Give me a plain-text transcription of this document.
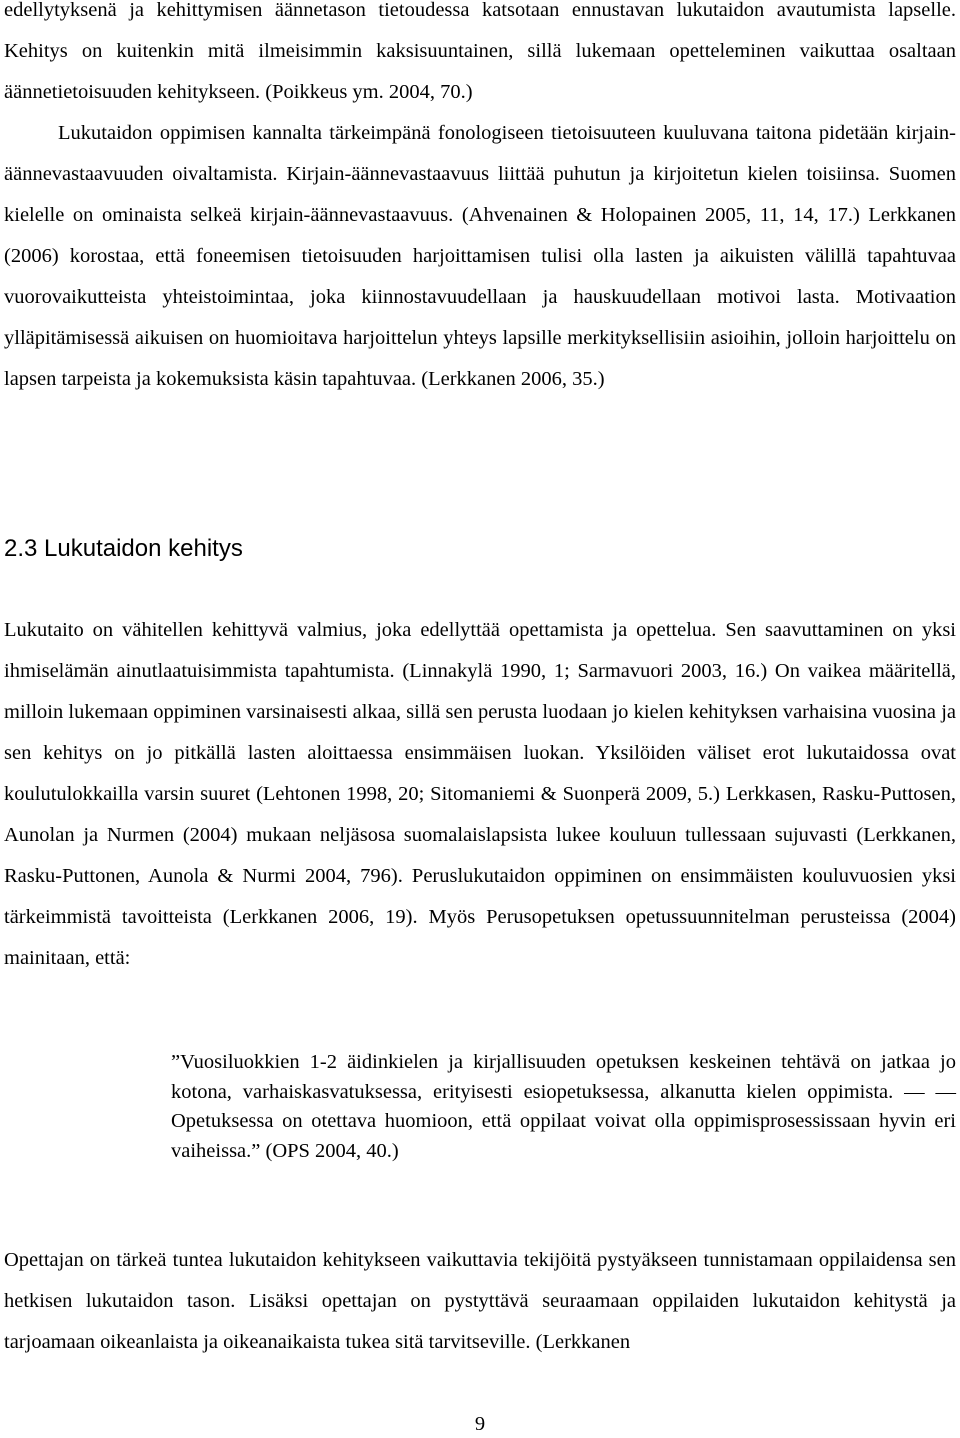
edellytyksenä ja kehittymisen äännetason tietoudessa katsotaan ennustavan lukutaidon avautumista lapselle. Kehitys on kuitenkin mitä ilmeisimmin kaksisuuntainen, sillä lukemaan opetteleminen vaikuttaa osaltaan äännetietoisuuden kehitykseen. (Poikkeus ym. 2004, 70.)

Lukutaidon oppimisen kannalta tärkeimpänä fonologiseen tietoisuuteen kuuluvana taitona pidetään kirjain-äännevastaavuuden oivaltamista. Kirjain-äännevastaavuus liittää puhutun ja kirjoitetun kielen toisiinsa. Suomen kielelle on ominaista selkeä kirjain-äännevastaavuus. (Ahvenainen & Holopainen 2005, 11, 14, 17.) Lerkkanen (2006) korostaa, että foneemisen tietoisuuden harjoittamisen tulisi olla lasten ja aikuisten välillä tapahtuvaa vuorovaikutteista yhteistoimintaa, joka kiinnostavuudellaan ja hauskuudellaan motivoi lasta. Motivaation ylläpitämisessä aikuisen on huomioitava harjoittelun yhteys lapsille merkityksellisiin asioihin, jolloin harjoittelu on lapsen tarpeista ja kokemuksista käsin tapahtuvaa. (Lerkkanen 2006, 35.)

2.3 Lukutaidon kehitys

Lukutaito on vähitellen kehittyvä valmius, joka edellyttää opettamista ja opettelua. Sen saavuttaminen on yksi ihmiselämän ainutlaatuisimmista tapahtumista. (Linnakylä 1990, 1; Sarmavuori 2003, 16.) On vaikea määritellä, milloin lukemaan oppiminen varsinaisesti alkaa, sillä sen perusta luodaan jo kielen kehityksen varhaisina vuosina ja sen kehitys on jo pitkällä lasten aloittaessa ensimmäisen luokan. Yksilöiden väliset erot lukutaidossa ovat koulutulokkailla varsin suuret (Lehtonen 1998, 20; Sitomaniemi & Suonperä 2009, 5.) Lerkkasen, Rasku-Puttosen, Aunolan ja Nurmen (2004) mukaan neljäsosa suomalaislapsista lukee kouluun tullessaan sujuvasti (Lerkkanen, Rasku-Puttonen, Aunola & Nurmi 2004, 796). Peruslukutaidon oppiminen on ensimmäisten kouluvuosien yksi tärkeimmistä tavoitteista (Lerkkanen 2006, 19). Myös Perusopetuksen opetussuunnitelman perusteissa (2004) mainitaan, että:

”Vuosiluokkien 1-2 äidinkielen ja kirjallisuuden opetuksen keskeinen tehtävä on jatkaa jo kotona, varhaiskasvatuksessa, erityisesti esiopetuksessa, alkanutta kielen oppimista. — — Opetuksessa on otettava huomioon, että oppilaat voivat olla oppimisprosessissaan hyvin eri vaiheissa.” (OPS 2004, 40.)

Opettajan on tärkeä tuntea lukutaidon kehitykseen vaikuttavia tekijöitä pystyäkseen tunnistamaan oppilaidensa sen hetkisen lukutaidon tason. Lisäksi opettajan on pystyttävä seuraamaan oppilaiden lukutaidon kehitystä ja tarjoamaan oikeanlaista ja oikeanaikaista tukea sitä tarvitseville. (Lerkkanen

9
